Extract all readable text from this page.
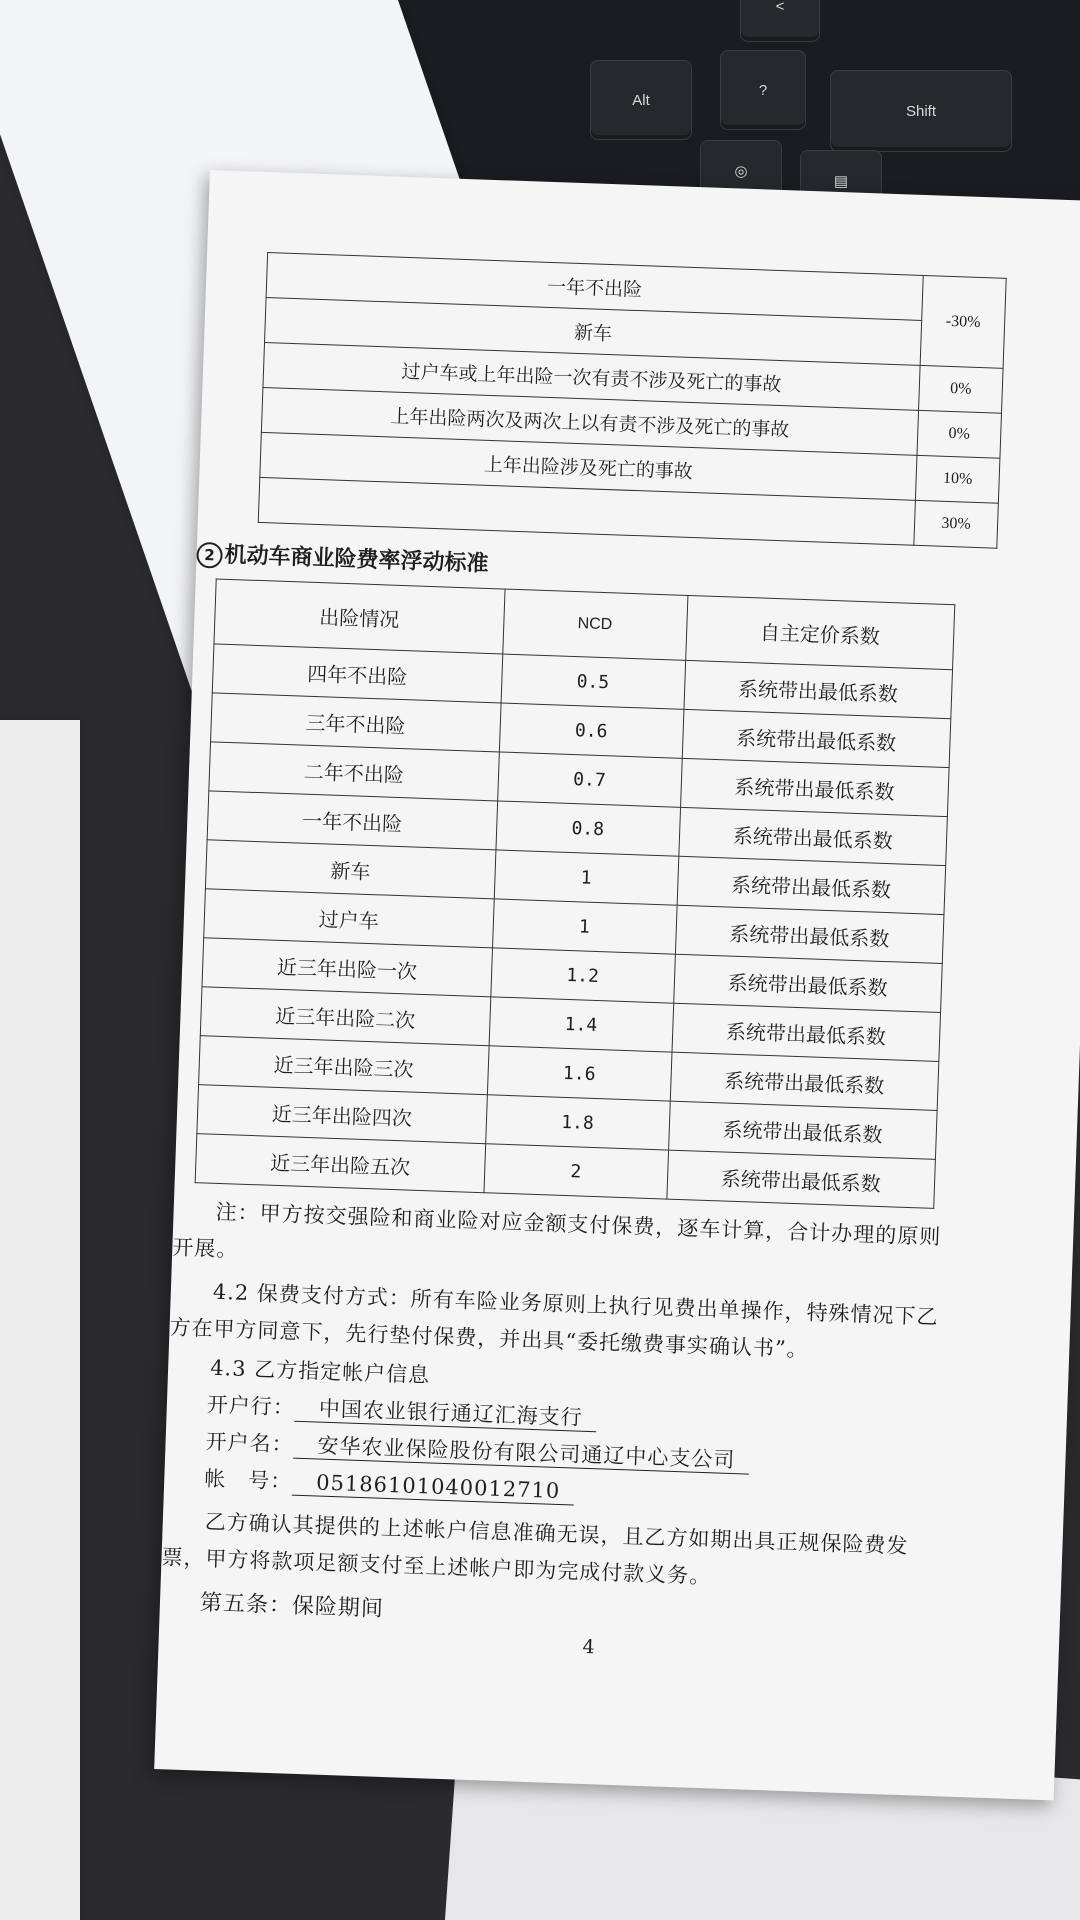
<
Alt
?
Shift
◎
▤
一年不出险	-30%
新车	
过户车或上年出险一次有责不涉及死亡的事故	0%
上年出险两次及两次上以有责不涉及死亡的事故	0%
上年出险涉及死亡的事故	10%
	30%
2 机动车商业险费率浮动标准
出险情况	NCD	自主定价系数
四年不出险	0.5	系统带出最低系数
三年不出险	0.6	系统带出最低系数
二年不出险	0.7	系统带出最低系数
一年不出险	0.8	系统带出最低系数
新车	1	系统带出最低系数
过户车	1	系统带出最低系数
近三年出险一次	1.2	系统带出最低系数
近三年出险二次	1.4	系统带出最低系数
近三年出险三次	1.6	系统带出最低系数
近三年出险四次	1.8	系统带出最低系数
近三年出险五次	2	系统带出最低系数
注：甲方按交强险和商业险对应金额支付保费，逐车计算，合计办理的原则开展。
4.2 保费支付方式：所有车险业务原则上执行见费出单操作，特殊情况下乙方在甲方同意下，先行垫付保费，并出具“委托缴费事实确认书”。
4.3 乙方指定帐户信息
开户行： 中国农业银行通辽汇海支行
开户名： 安华农业保险股份有限公司通辽中心支公司
帐　号： 05186101040012710
乙方确认其提供的上述帐户信息准确无误，且乙方如期出具正规保险费发票，甲方将款项足额支付至上述帐户即为完成付款义务。
第五条：保险期间
4
